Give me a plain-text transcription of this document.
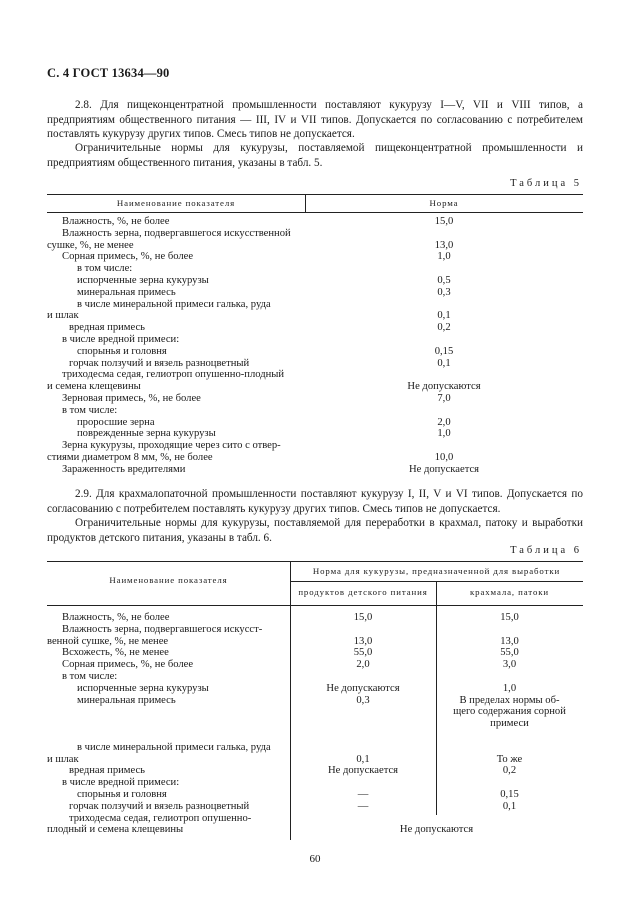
С. 4 ГОСТ 13634—90
2.8. Для пищеконцентратной промышленности поставляют кукурузу I—V, VII и VIII типов, а предприятиям общественного питания — III, IV и VII типов. Допускается по согласованию с потребителем поставлять кукурузу других типов. Смесь типов не допускается.
Ограничительные нормы для кукурузы, поставляемой пищеконцентратной промышленности и предприятиям общественного питания, указаны в табл. 5.
Таблица 5
Наименование показателя	Норма
Влажность, %, не более	15,0
Влажность зерна, подвергавшегося искусственной
сушке, %, не менее	13,0
Сорная примесь, %, не более	1,0
в том числе:
испорченные зерна кукурузы	0,5
минеральная примесь	0,3
в числе минеральной примеси галька, руда
и шлак	0,1
вредная примесь	0,2
в числе вредной примеси:
спорынья и головня	0,15
горчак ползучий и вязель разноцветный	0,1
триходесма седая, гелиотроп опушенно-плодный
и семена клещевины	Не допускаются
Зерновая примесь, %, не более	7,0
в том числе:
проросшие зерна	2,0
поврежденные зерна кукурузы	1,0
Зерна кукурузы, проходящие через сито с отвер-
стиями диаметром 8 мм, %, не более	10,0
Зараженность вредителями	Не допускается
2.9. Для крахмалопаточной промышленности поставляют кукурузу I, II, V и VI типов. Допускается по согласованию с потребителем поставлять кукурузу других типов. Смесь типов не допускается.
Ограничительные нормы для кукурузы, поставляемой для переработки в крахмал, патоку и выработки продуктов детского питания, указаны в табл. 6.
Таблица 6
Наименование показателя
Норма для кукурузы, предназначенной для выработки
продуктов детского питания	крахмала, патоки
Влажность, %, не более	15,0	15,0
Влажность зерна, подвергавшегося искусст-
венной сушке, %, не менее	13,0	13,0
Всхожесть, %, не менее	55,0	55,0
Сорная примесь, %, не более	2,0	3,0
в том числе:
испорченные зерна кукурузы	Не допускаются	1,0
минеральная примесь	0,3	В пределах нормы об-
щего содержания сорной
примеси
в числе минеральной примеси галька, руда
и шлак	0,1	То же
вредная примесь	Не допускается	0,2
в числе вредной примеси:
спорынья и головня	—	0,15
горчак ползучий и вязель разноцветный	—	0,1
триходесма седая, гелиотроп опушенно-
плодный и семена клещевины	Не допускаются
60
